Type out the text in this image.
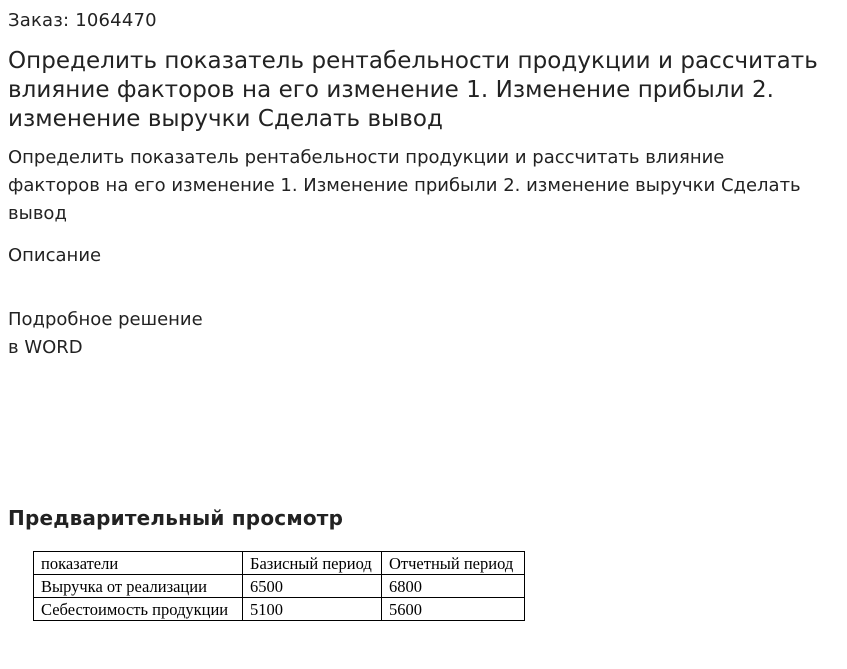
Заказ: 1064470
Определить показатель рентабельности продукции и рассчитать влияние факторов на его изменение 1. Изменение прибыли 2. изменение выручки Сделать вывод

Определить показатель рентабельности продукции и рассчитать влияние факторов на его изменение 1. Изменение прибыли 2. изменение выручки Сделать вывод

Описание

Подробное решение
в WORD

Предварительный просмотр
показатели	Базисный период	Отчетный период
Выручка от реализации	6500	6800
Себестоимость продукции	5100	5600
